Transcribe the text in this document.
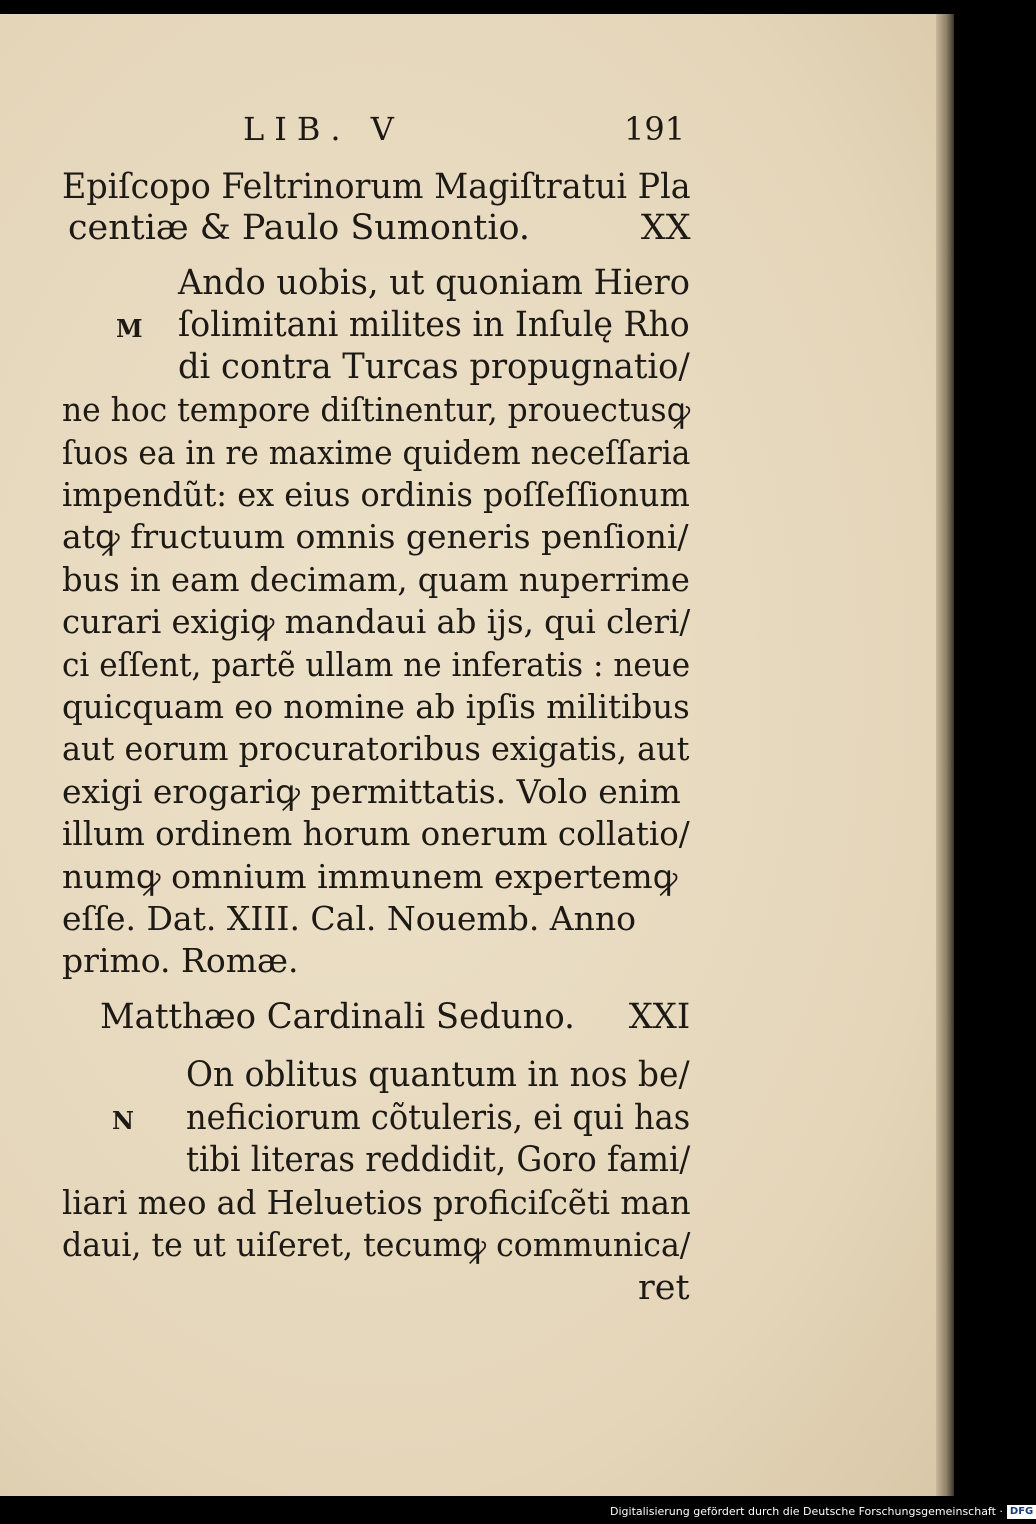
LIB. V	191

Epiſcopo Feltrinorum Magiſtratui Pla

centiæ & Paulo Sumontio.          XX

M

Ando uobis, ut quoniam Hiero

ſolimitani milites in Inſulę Rho

di contra Turcas propugnatio/

ne hoc tempore diſtinentur, prouectusꝙ

ſuos ea in re maxime quidem neceſſaria

impendũt: ex eius ordinis poſſeſſionum

atꝙ fructuum omnis generis penſioni/

bus in eam decimam, quam nuperrime

curari exigiꝙ mandaui ab ijs, qui cleri/

ci eſſent, partẽ ullam ne inferatis : neue

quicquam eo nomine ab ipſis militibus

aut eorum procuratoribus exigatis, aut

exigi erogariꝙ permittatis. Volo enim

illum ordinem horum onerum collatio/

numꝙ omnium immunem expertemꝙ

eſſe. Dat. XIII. Cal. Nouemb. Anno

primo. Romæ.

Matthæo Cardinali Seduno.     XXI

N

On oblitus quantum in nos be/

neficiorum cõtuleris, ei qui has

tibi literas reddidit, Goro fami/

liari meo ad Heluetios proficiſcẽti man

daui, te ut uiſeret, tecumꝙ communica/

ret

Digitalisierung gefördert durch die Deutsche Forschungsgemeinschaft · DFG
